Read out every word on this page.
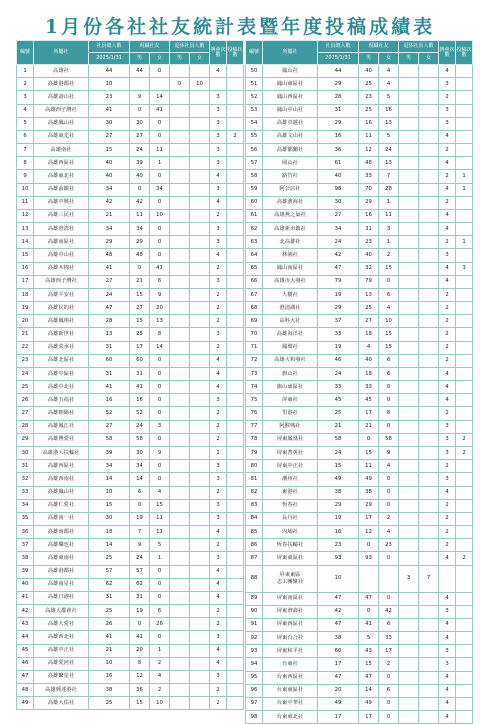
1月份各社社友統計表暨年度投稿成績表
編號	所屬社	社員總人數	現職社友		退休社員人數		例會次數	投稿次數
		2025/1/31	男	女	男	女		
1	高雄社	44	44	0			4	
2	高雄港都社	10			0	10		
3	高雄壽山社	23	9	14			3	
4	高雄西子灣社	41	0	41			3	
5	高雄鳳山社	30	30	0			3	
6	高雄東光社	27	27	0			3	2
7	高雄南社	15	24	11			3	
8	高雄西區社	40	39	1			3	
9	高雄東北社	40	40	0			4	
10	高雄前鎮社	34	0	34			3	
11	高雄中興社	42	42	0			4	
12	高雄三民社	21	11	10			2	
13	高雄澄清社	34	34	0			3	
14	高雄南區社	29	29	0			3	
15	高雄中山社	48	48	0			4	
16	高雄木棉社	41	0	41			2	
17	高雄西子灣社	27	21	6			3	
18	高雄平安社	24	15	9			2	
19	高雄民的社	47	27	20			2	
20	高雄鳳翔社	28	15	13			2	
21	高雄新世社	13	25	8			3	
22	高雄菜承社	31	17	14			2	
23	高雄北區社	60	60	0			4	
24	高雄中區社	31	31	0			4	
25	高雄中北社	41	41	0			4	
26	高雄五福社	16	16	0			3	
27	高雄朝陽社	52	52	0			2	
28	高雄鳳江社	27	24	3			2	
29	高雄博愛社	58	58	0			2	
30	高雄港人扶輪社	39	30	9			1	
31	高雄西區社	34	34	0			3	
32	高雄西南社	14	14	0			3	
33	高雄鳳山社	10	6	4			2	
34	高雄仁愛社	15	0	15			3	
35	高雄南一社	30	19	11			3	
36	高雄南都社	18	7	11			4	
37	高雄樂也社	14	9	5			2	
38	高雄東南社	25	24	1			3	
39	高雄港都社	57	57	0			4	
40	高雄南星社	62	62	0			4	
41	高雄日港社	31	31	0			4	
42	高雄大都會社	25	19	6			2	
43	高雄大愛社	26	0	26			2	
44	高雄西北社	41	41	0			3	
45	高雄中正社	21	20	1			4	
46	高雄愛河社	10	8	2			4	
47	高雄繁星社	16	12	4			3	
48	高雄興達港社	38	36	2			2	
49	高雄大佑社	25	15	10			2	
編號	所屬社	社員總人數	現職社友		退休社員人數		例會次數	投稿次數
		2025/1/31	男	女	男	女		
50	鳳山社	44	40	4			4	
51	鳳山東區社	29	25	4			3	
52	鳳山西區社	28	23	5			2	
53	鳳山中山社	31	25	16			3	
54	高雄卓越社	29	16	13			3	
55	高雄文山社	16	11	5			4	
56	高雄都蘭社	36	12	24			2	
57	岡山社	61	48	13			4	
58	路竹社	40	33	7			2	1
59	阿公店社	98	70	28			4	1
60	高雄濱海社	30	29	1			2	
61	高雄燕之巢社	27	16	11			4	
62	高雄新市鎮社	34	31	3			4	
63	北高雄社	24	23	1			2	1
64	林園社	42	40	2			3	
65	鳳山南區社	47	32	15			4	3
66	高雄市大發社	79	79	0			4	
67	大樹社	19	13	6			2	
68	澄清湖社	29	25	4			2	
69	高科大社	37	27	10			2	
70	高雄海洋社	33	18	15			2	
71	鳳聲社	19	4	15			2	
72	高雄大和發社	46	40	6			2	
73	旗山社	24	18	6			4	
74	旗山東區社	33	33	0			4	
75	屏東社	45	45	0			4	
76	里港社	25	17	8			2	
77	阿猴城社	21	21	0			3	
78	屏東鳳凰社	58	0	58			3	2
79	屏東菁英社	24	15	9			3	2
80	屏東中正社	15	11	4			2	
81	潮州社	49	49	0			3	
82	東港社	38	38	0			4	
83	恆春社	29	29	0			2	
84	長丹社	19	17	2			2	
85	內埔社	16	12	4			2	
86	恆春扶輪社	23	0	23			2	
87	屏東東區社	93	93	0			4	2
88	屏東東區
志工團聚社	10			3	7		
89	屏東南區社	47	47	0			4	
90	屏東濟壽社	42	0	42			3	
91	屏東西區社	47	41	6			4	
92	屏東百合社	38	5	33			4	
93	屏東和平社	60	43	17			3	
94	台東社	17	15	2			3	
95	台東西區社	47	47	0			4	
96	台東東區社	20	14	6			4	
97	台東中華社	49	49	0			4	
98	台東東北社	17	17	0			4	
